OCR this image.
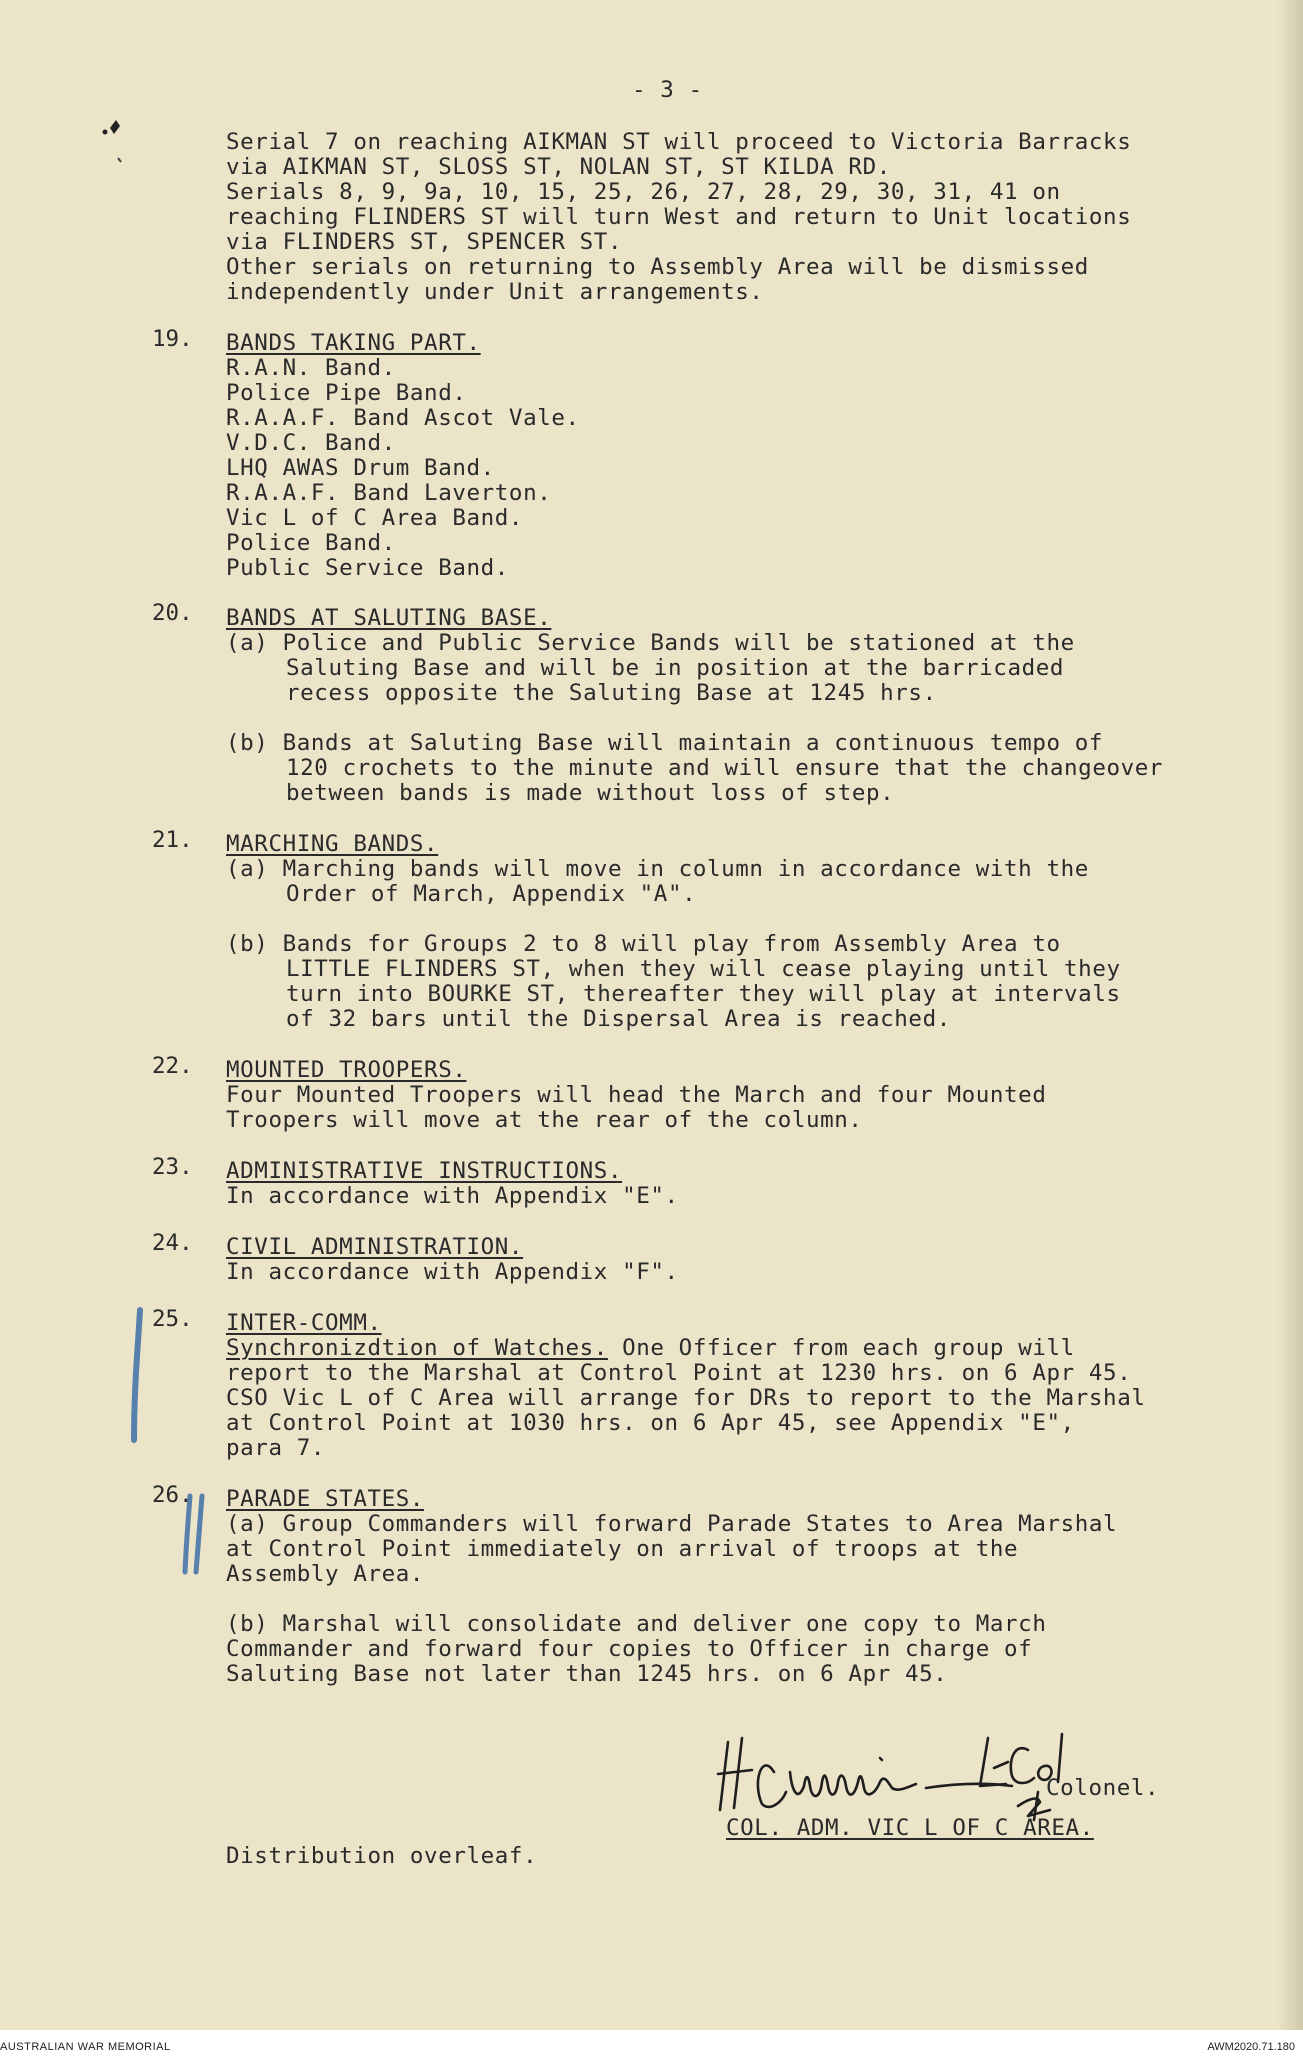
- 3 -
Serial 7 on reaching AIKMAN ST will proceed to Victoria Barracks
via AIKMAN ST, SLOSS ST, NOLAN ST, ST KILDA RD.
Serials 8, 9, 9a, 10, 15, 25, 26, 27, 28, 29, 30, 31, 41 on
reaching FLINDERS ST will turn West and return to Unit locations
via FLINDERS ST, SPENCER ST.
Other serials on returning to Assembly Area will be dismissed
independently under Unit arrangements.
19. BANDS TAKING PART.
R.A.N. Band.
Police Pipe Band.
R.A.A.F. Band Ascot Vale.
V.D.C. Band.
LHQ AWAS Drum Band.
R.A.A.F. Band Laverton.
Vic L of C Area Band.
Police Band.
Public Service Band.
20. BANDS AT SALUTING BASE.
(a) Police and Public Service Bands will be stationed at the
Saluting Base and will be in position at the barricaded
recess opposite the Saluting Base at 1245 hrs.
(b) Bands at Saluting Base will maintain a continuous tempo of
120 crochets to the minute and will ensure that the changeover
between bands is made without loss of step.
21. MARCHING BANDS.
(a) Marching bands will move in column in accordance with the
Order of March, Appendix "A".
(b) Bands for Groups 2 to 8 will play from Assembly Area to
LITTLE FLINDERS ST, when they will cease playing until they
turn into BOURKE ST, thereafter they will play at intervals
of 32 bars until the Dispersal Area is reached.
22. MOUNTED TROOPERS.
Four Mounted Troopers will head the March and four Mounted
Troopers will move at the rear of the column.
23. ADMINISTRATIVE INSTRUCTIONS.
In accordance with Appendix "E".
24. CIVIL ADMINISTRATION.
In accordance with Appendix "F".
25. INTER-COMM.
Synchronizdtion of Watches. One Officer from each group will
report to the Marshal at Control Point at 1230 hrs. on 6 Apr 45.
CSO Vic L of C Area will arrange for DRs to report to the Marshal
at Control Point at 1030 hrs. on 6 Apr 45, see Appendix "E",
para 7.
26. PARADE STATES.
(a) Group Commanders will forward Parade States to Area Marshal
at Control Point immediately on arrival of troops at the
Assembly Area.
(b) Marshal will consolidate and deliver one copy to March
Commander and forward four copies to Officer in charge of
Saluting Base not later than 1245 hrs. on 6 Apr 45.
Colonel.
COL. ADM. VIC L OF C AREA.
Distribution overleaf.
AUSTRALIAN WAR MEMORIAL	AWM2020.71.180
